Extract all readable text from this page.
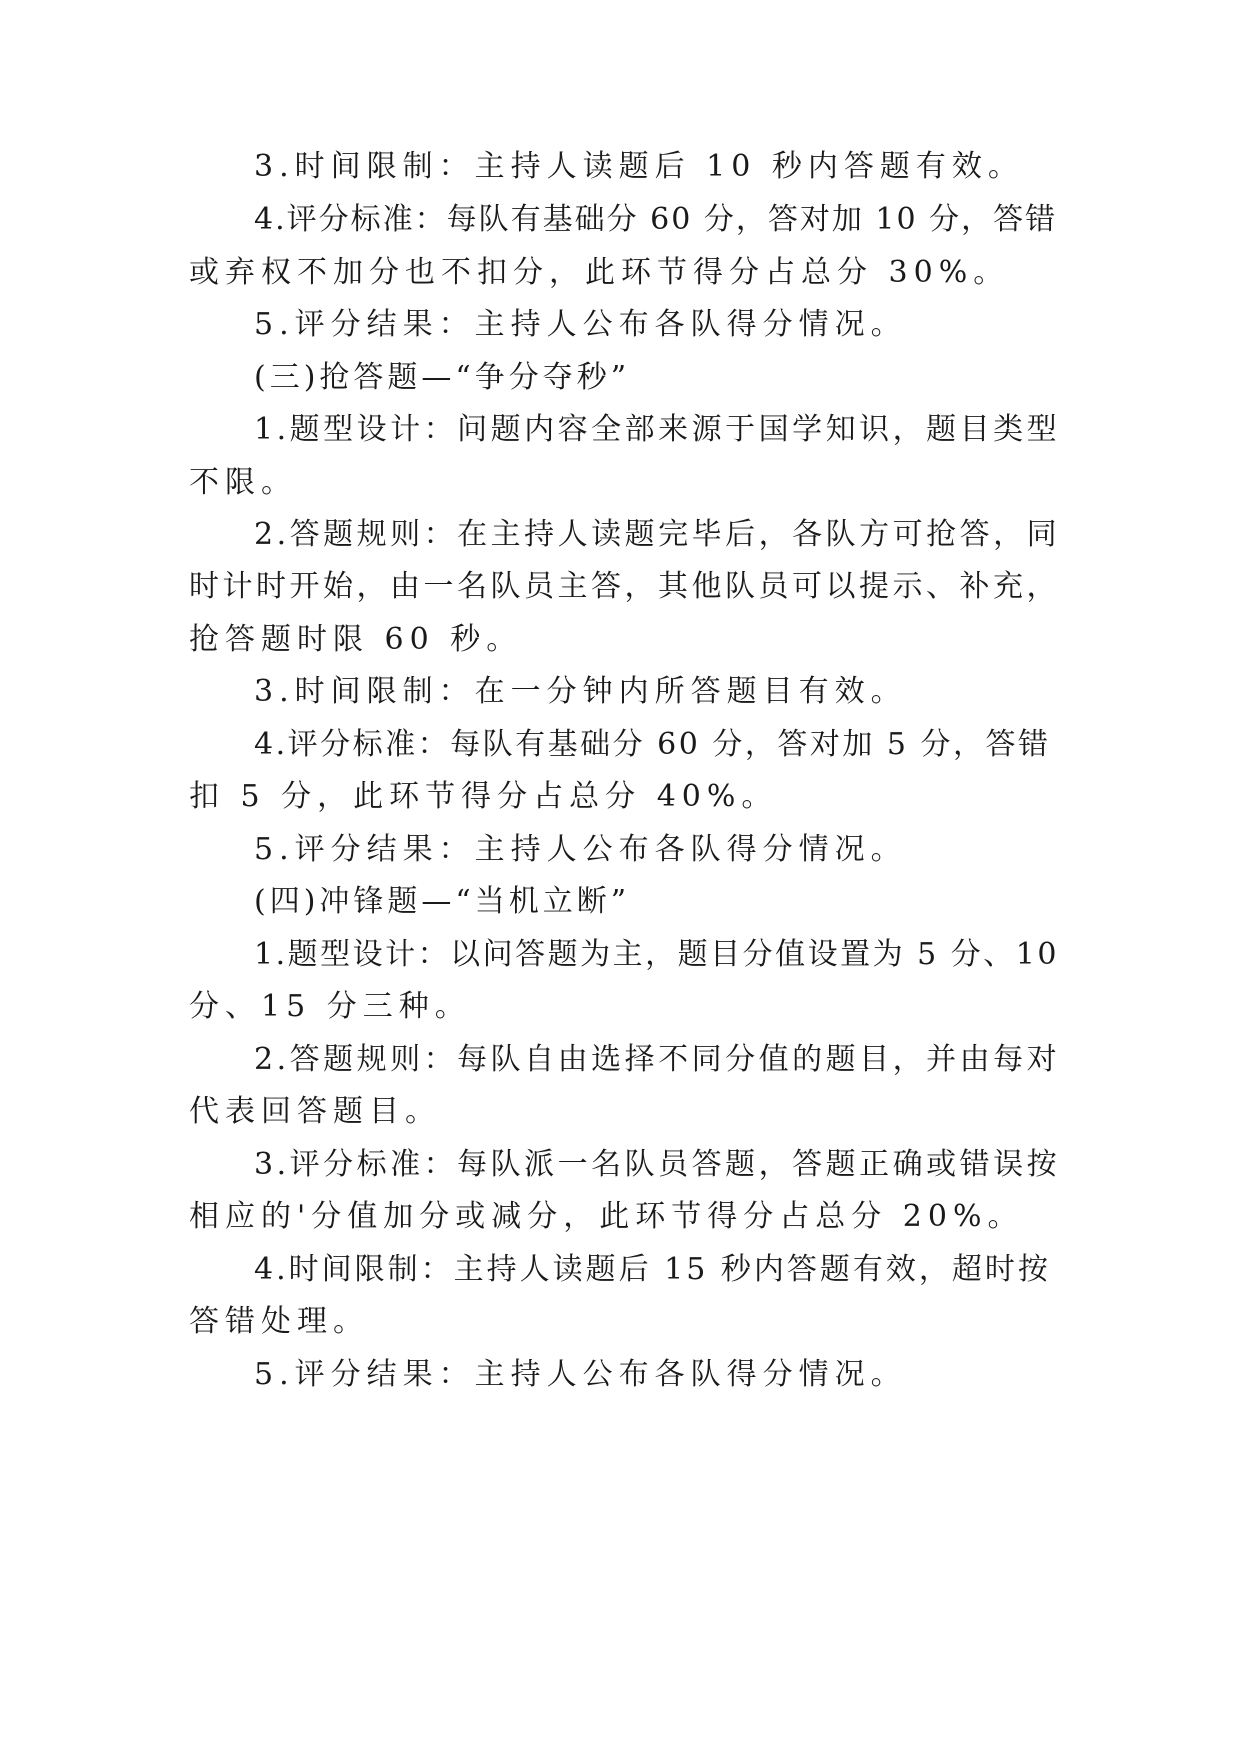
3.时间限制：主持人读题后 10 秒内答题有效。
4.评分标准：每队有基础分 60 分，答对加 10 分，答错
或弃权不加分也不扣分，此环节得分占总分 30%。
5.评分结果：主持人公布各队得分情况。
(三)抢答题—“争分夺秒”
1.题型设计：问题内容全部来源于国学知识，题目类型
不限。
2.答题规则：在主持人读题完毕后，各队方可抢答，同
时计时开始，由一名队员主答，其他队员可以提示、补充，
抢答题时限 60 秒。
3.时间限制：在一分钟内所答题目有效。
4.评分标准：每队有基础分 60 分，答对加 5 分，答错
扣 5 分，此环节得分占总分 40%。
5.评分结果：主持人公布各队得分情况。
(四)冲锋题—“当机立断”
1.题型设计：以问答题为主，题目分值设置为 5 分、10
分、15 分三种。
2.答题规则：每队自由选择不同分值的题目，并由每对
代表回答题目。
3.评分标准：每队派一名队员答题，答题正确或错误按
相应的'分值加分或减分，此环节得分占总分 20%。
4.时间限制：主持人读题后 15 秒内答题有效，超时按
答错处理。
5.评分结果：主持人公布各队得分情况。
